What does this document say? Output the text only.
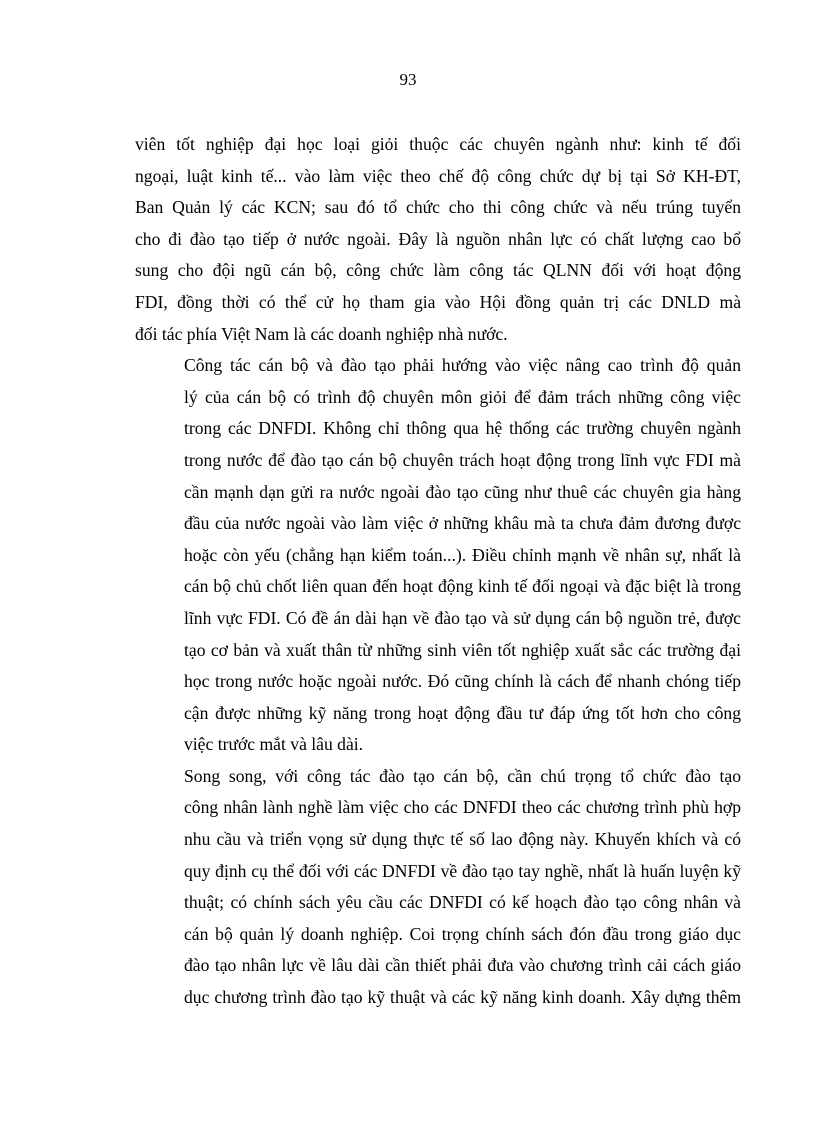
93

viên tốt nghiệp đại học loại giỏi thuộc các chuyên ngành như: kinh tế đối
ngoại, luật kinh tế... vào làm việc theo chế độ công chức dự bị tại Sở KH-ĐT,
Ban Quản lý các KCN; sau đó tổ chức cho thi công chức và nếu trúng tuyển
cho đi đào tạo tiếp ở nước ngoài. Đây là nguồn nhân lực có chất lượng cao bổ
sung cho đội ngũ cán bộ, công chức làm công tác QLNN đối với hoạt động
FDI, đồng thời có thể cử họ tham gia vào Hội đồng quản trị các DNLD mà
đối tác phía Việt Nam là các doanh nghiệp nhà nước.

Công tác cán bộ và đào tạo phải hướng vào việc nâng cao trình độ quản
lý của cán bộ có trình độ chuyên môn giỏi để đảm trách những công việc
trong các DNFDI. Không chỉ thông qua hệ thống các trường chuyên ngành
trong nước để đào tạo cán bộ chuyên trách hoạt động trong lĩnh vực FDI mà
cần mạnh dạn gửi ra nước ngoài đào tạo cũng như thuê các chuyên gia hàng
đầu của nước ngoài vào làm việc ở những khâu mà ta chưa đảm đương được
hoặc còn yếu (chẳng hạn kiểm toán...). Điều chỉnh mạnh về nhân sự, nhất là
cán bộ chủ chốt liên quan đến hoạt động kinh tế đối ngoại và đặc biệt là trong
lĩnh vực FDI. Có đề án dài hạn về đào tạo và sử dụng cán bộ nguồn trẻ, được
tạo cơ bản và xuất thân từ những sinh viên tốt nghiệp xuất sắc các trường đại
học trong nước hoặc ngoài nước. Đó cũng chính là cách để nhanh chóng tiếp
cận được những kỹ năng trong hoạt động đầu tư đáp ứng tốt hơn cho công
việc trước mắt và lâu dài.

Song song, với công tác đào tạo cán bộ, cần chú trọng tổ chức đào tạo
công nhân lành nghề làm việc cho các DNFDI theo các chương trình phù hợp
nhu cầu và triển vọng sử dụng thực tế số lao động này. Khuyến khích và có
quy định cụ thể đối với các DNFDI về đào tạo tay nghề, nhất là huấn luyện kỹ
thuật; có chính sách yêu cầu các DNFDI có kế hoạch đào tạo công nhân và
cán bộ quản lý doanh nghiệp. Coi trọng chính sách đón đầu trong giáo dục
đào tạo nhân lực về lâu dài cần thiết phải đưa vào chương trình cải cách giáo
dục chương trình đào tạo kỹ thuật và các kỹ năng kinh doanh. Xây dựng thêm
